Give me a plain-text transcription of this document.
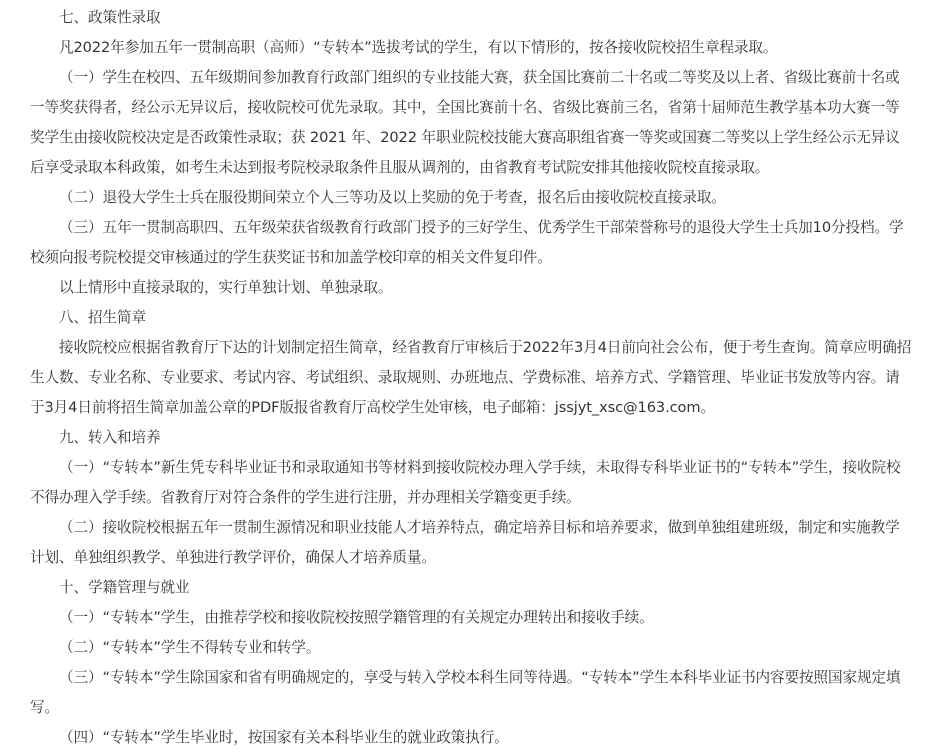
七、政策性录取

凡2022年参加五年一贯制高职（高师）“专转本”选拔考试的学生，有以下情形的，按各接收院校招生章程录取。

（一）学生在校四、五年级期间参加教育行政部门组织的专业技能大赛，获全国比赛前二十名或二等奖及以上者、省级比赛前十名或一等奖获得者，经公示无异议后，接收院校可优先录取。其中，全国比赛前十名、省级比赛前三名，省第十届师范生教学基本功大赛一等奖学生由接收院校决定是否政策性录取；获 2021 年、2022 年职业院校技能大赛高职组省赛一等奖或国赛二等奖以上学生经公示无异议后享受录取本科政策，如考生未达到报考院校录取条件且服从调剂的，由省教育考试院安排其他接收院校直接录取。

（二）退役大学生士兵在服役期间荣立个人三等功及以上奖励的免于考查，报名后由接收院校直接录取。

（三）五年一贯制高职四、五年级荣获省级教育行政部门授予的三好学生、优秀学生干部荣誉称号的退役大学生士兵加10分投档。学校须向报考院校提交审核通过的学生获奖证书和加盖学校印章的相关文件复印件。

以上情形中直接录取的，实行单独计划、单独录取。

八、招生简章

接收院校应根据省教育厅下达的计划制定招生简章，经省教育厅审核后于2022年3月4日前向社会公布，便于考生查询。简章应明确招生人数、专业名称、专业要求、考试内容、考试组织、录取规则、办班地点、学费标准、培养方式、学籍管理、毕业证书发放等内容。请于3月4日前将招生简章加盖公章的PDF版报省教育厅高校学生处审核，电子邮箱：jssjyt_xsc@163.com。

九、转入和培养

（一）“专转本”新生凭专科毕业证书和录取通知书等材料到接收院校办理入学手续，未取得专科毕业证书的“专转本”学生，接收院校不得办理入学手续。省教育厅对符合条件的学生进行注册，并办理相关学籍变更手续。

（二）接收院校根据五年一贯制生源情况和职业技能人才培养特点，确定培养目标和培养要求，做到单独组建班级，制定和实施教学计划、单独组织教学、单独进行教学评价，确保人才培养质量。

十、学籍管理与就业

（一）“专转本”学生，由推荐学校和接收院校按照学籍管理的有关规定办理转出和接收手续。

（二）“专转本”学生不得转专业和转学。

（三）“专转本”学生除国家和省有明确规定的，享受与转入学校本科生同等待遇。“专转本”学生本科毕业证书内容要按照国家规定填写。

（四）“专转本”学生毕业时，按国家有关本科毕业生的就业政策执行。
